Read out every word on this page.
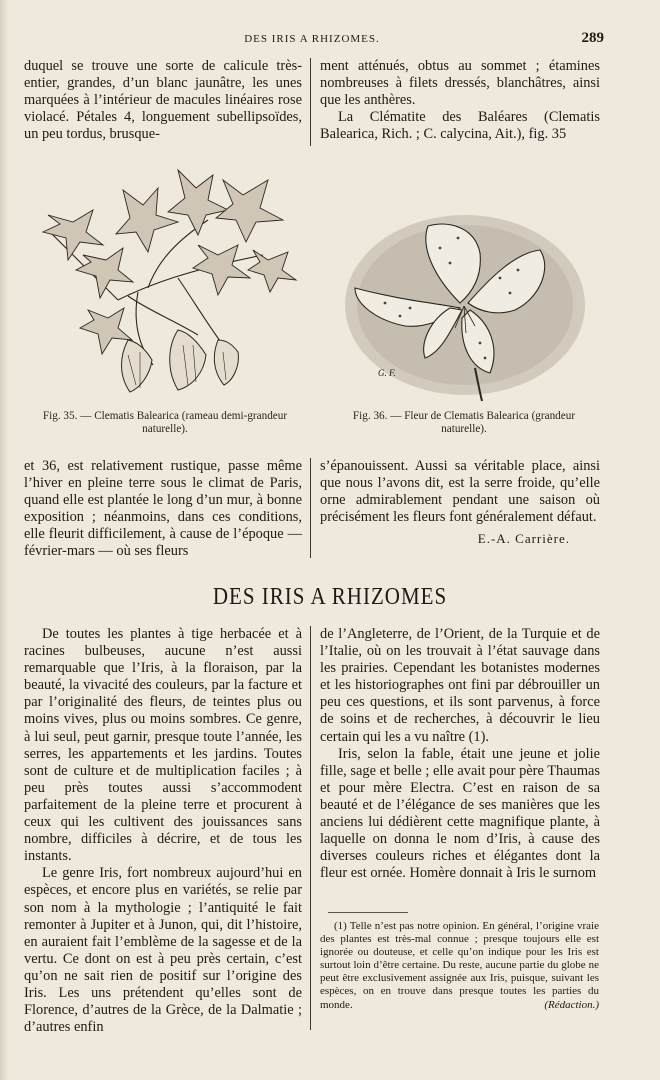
DES IRIS A RHIZOMES.	289

duquel se trouve une sorte de calicule très-entier, grandes, d’un blanc jaunâtre, les unes marquées à l’intérieur de macules linéaires rose violacé. Pétales 4, longuement subellipsoïdes, un peu tordus, brusque-

ment atténués, obtus au sommet ; étamines nombreuses à filets dressés, blanchâtres, ainsi que les anthères.

La Clématite des Baléares (Clematis Balearica, Rich. ; C. calycina, Ait.), fig. 35

Fig. 35. — Clematis Balearica (rameau demi-grandeur naturelle).
G. F.
Fig. 36. — Fleur de Clematis Balearica (grandeur naturelle).

et 36, est relativement rustique, passe même l’hiver en pleine terre sous le climat de Paris, quand elle est plantée le long d’un mur, à bonne exposition ; néanmoins, dans ces conditions, elle fleurit difficilement, à cause de l’époque — février-mars — où ses fleurs

s’épanouissent. Aussi sa véritable place, ainsi que nous l’avons dit, est la serre froide, qu’elle orne admirablement pendant une saison où précisément les fleurs font généralement défaut.

E.-A. Carrière.
DES IRIS A RHIZOMES

De toutes les plantes à tige herbacée et à racines bulbeuses, aucune n’est aussi remarquable que l’Iris, à la floraison, par la beauté, la vivacité des couleurs, par la facture et par l’originalité des fleurs, de teintes plus ou moins vives, plus ou moins sombres. Ce genre, à lui seul, peut garnir, presque toute l’année, les serres, les appartements et les jardins. Toutes sont de culture et de multiplication faciles ; à peu près toutes aussi s’accommodent parfaitement de la pleine terre et procurent à ceux qui les cultivent des jouissances sans nombre, difficiles à décrire, et de tous les instants.

Le genre Iris, fort nombreux aujourd’hui en espèces, et encore plus en variétés, se relie par son nom à la mythologie ; l’antiquité le fait remonter à Jupiter et à Junon, qui, dit l’histoire, en auraient fait l’emblème de la sagesse et de la vertu. Ce dont on est à peu près certain, c’est qu’on ne sait rien de positif sur l’origine des Iris. Les uns prétendent qu’elles sont de Florence, d’autres de la Grèce, de la Dalmatie ; d’autres enfin

de l’Angleterre, de l’Orient, de la Turquie et de l’Italie, où on les trouvait à l’état sauvage dans les prairies. Cependant les botanistes modernes et les historiographes ont fini par débrouiller un peu ces questions, et ils sont parvenus, à force de soins et de recherches, à découvrir le lieu certain qui les a vu naître (1).

Iris, selon la fable, était une jeune et jolie fille, sage et belle ; elle avait pour père Thaumas et pour mère Electra. C’est en raison de sa beauté et de l’élégance de ses manières que les anciens lui dédièrent cette magnifique plante, à laquelle on donna le nom d’Iris, à cause des diverses couleurs riches et élégantes dont la fleur est ornée. Homère donnait à Iris le surnom

(1) Telle n’est pas notre opinion. En général, l’origine vraie des plantes est très-mal connue ; presque toujours elle est ignorée ou douteuse, et celle qu’on indique pour les Iris est surtout loin d’être certaine. Du reste, aucune partie du globe ne peut être exclusivement assignée aux Iris, puisque, suivant les espèces, on en trouve dans presque toutes les parties du monde.	(Rédaction.)
